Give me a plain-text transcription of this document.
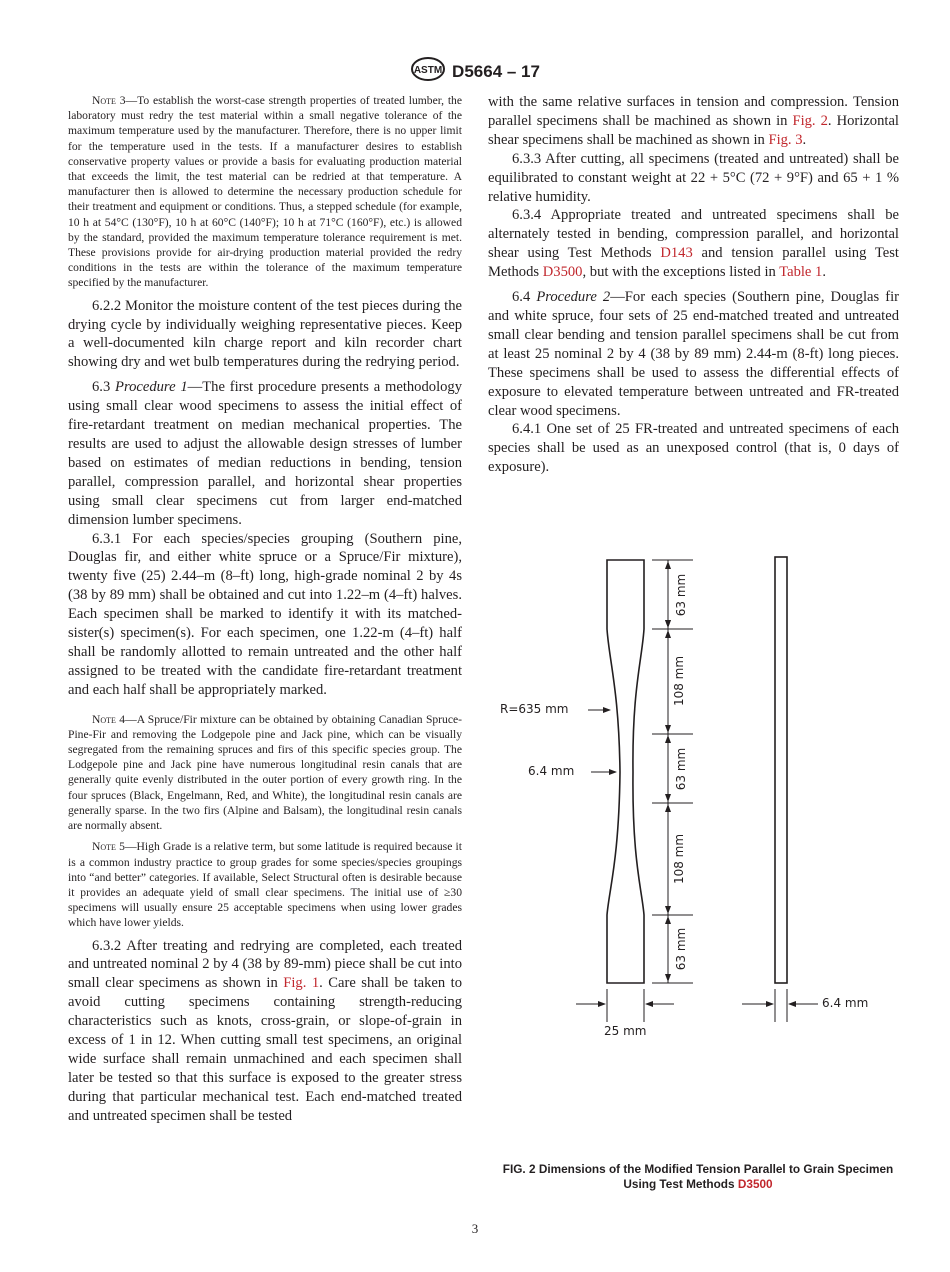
ASTM D5664 – 17

Note 3—To establish the worst-case strength properties of treated lumber, the laboratory must redry the test material within a small negative tolerance of the maximum temperature used by the manufacturer. Therefore, there is no upper limit for the temperature used in the tests. If a manufacturer desires to establish conservative property values or provide a basis for evaluating production material that exceeds the limit, the test material can be redried at that temperature. A manufacturer then is allowed to determine the necessary production schedule for their treatment and equipment or conditions. Thus, a stepped schedule (for example, 10 h at 54°C (130°F), 10 h at 60°C (140°F); 10 h at 71°C (160°F), etc.) is allowed by the standard, provided the maximum temperature tolerance requirement is met. These provisions provide for air-drying production material provided the redry conditions in the tests are within the tolerance of the maximum temperature specified by the manufacturer.

6.2.2 Monitor the moisture content of the test pieces during the drying cycle by individually weighing representative pieces. Keep a well-documented kiln charge report and kiln recorder chart showing dry and wet bulb temperatures during the redrying period.

6.3 Procedure 1—The first procedure presents a methodology using small clear wood specimens to assess the initial effect of fire-retardant treatment on median mechanical properties. The results are used to adjust the allowable design stresses of lumber based on estimates of median reductions in bending, tension parallel, compression parallel, and horizontal shear properties using small clear specimens cut from larger end-matched dimension lumber specimens.

6.3.1 For each species/species grouping (Southern pine, Douglas fir, and either white spruce or a Spruce/Fir mixture), twenty five (25) 2.44–m (8–ft) long, high-grade nominal 2 by 4s (38 by 89 mm) shall be obtained and cut into 1.22–m (4–ft) halves. Each specimen shall be marked to identify it with its matched-sister(s) specimen(s). For each specimen, one 1.22-m (4–ft) half shall be randomly allotted to remain untreated and the other half assigned to be treated with the candidate fire-retardant treatment and each half shall be appropriately marked.

Note 4—A Spruce/Fir mixture can be obtained by obtaining Canadian Spruce-Pine-Fir and removing the Lodgepole pine and Jack pine, which can be visually segregated from the remaining spruces and firs of this specific species group. The Lodgepole pine and Jack pine have numerous longitudinal resin canals that are generally quite evenly distributed in the outer portion of every growth ring. In the four spruces (Black, Engelmann, Red, and White), the longitudinal resin canals are generally sparse. In the two firs (Alpine and Balsam), the longitudinal resin canals are normally absent.

Note 5—High Grade is a relative term, but some latitude is required because it is a common industry practice to group grades for some species/species groupings into “and better” categories. If available, Select Structural often is desirable because it provides an adequate yield of small clear specimens. The initial use of ≥30 specimens will usually ensure 25 acceptable specimens when using lower grades which have lower yields.

6.3.2 After treating and redrying are completed, each treated and untreated nominal 2 by 4 (38 by 89-mm) piece shall be cut into small clear specimens as shown in Fig. 1. Care shall be taken to avoid cutting specimens containing strength-reducing characteristics such as knots, cross-grain, or slope-of-grain in excess of 1 in 12. When cutting small test specimens, an original wide surface shall remain unmachined and each specimen shall later be tested so that this surface is exposed to the greater stress during that particular mechanical test. Each end-matched treated and untreated specimen shall be tested

with the same relative surfaces in tension and compression. Tension parallel specimens shall be machined as shown in Fig. 2. Horizontal shear specimens shall be machined as shown in Fig. 3.

6.3.3 After cutting, all specimens (treated and untreated) shall be equilibrated to constant weight at 22 + 5°C (72 + 9°F) and 65 + 1 % relative humidity.

6.3.4 Appropriate treated and untreated specimens shall be alternately tested in bending, compression parallel, and horizontal shear using Test Methods D143 and tension parallel using Test Methods D3500, but with the exceptions listed in Table 1.

6.4 Procedure 2—For each species (Southern pine, Douglas fir and white spruce, four sets of 25 end-matched treated and untreated small clear bending and tension parallel specimens shall be cut from at least 25 nominal 2 by 4 (38 by 89 mm) 2.44-m (8-ft) long pieces. These specimens shall be used to assess the differential effects of exposure to elevated temperature between untreated and FR-treated clear wood specimens.

6.4.1 One set of 25 FR-treated and untreated specimens of each species shall be used as an unexposed control (that is, 0 days of exposure).

63 mm
108 mm
63 mm
108 mm
63 mm
R=635 mm
6.4 mm
25 mm
6.4 mm
FIG. 2 Dimensions of the Modified Tension Parallel to Grain Specimen Using Test Methods D3500
3
